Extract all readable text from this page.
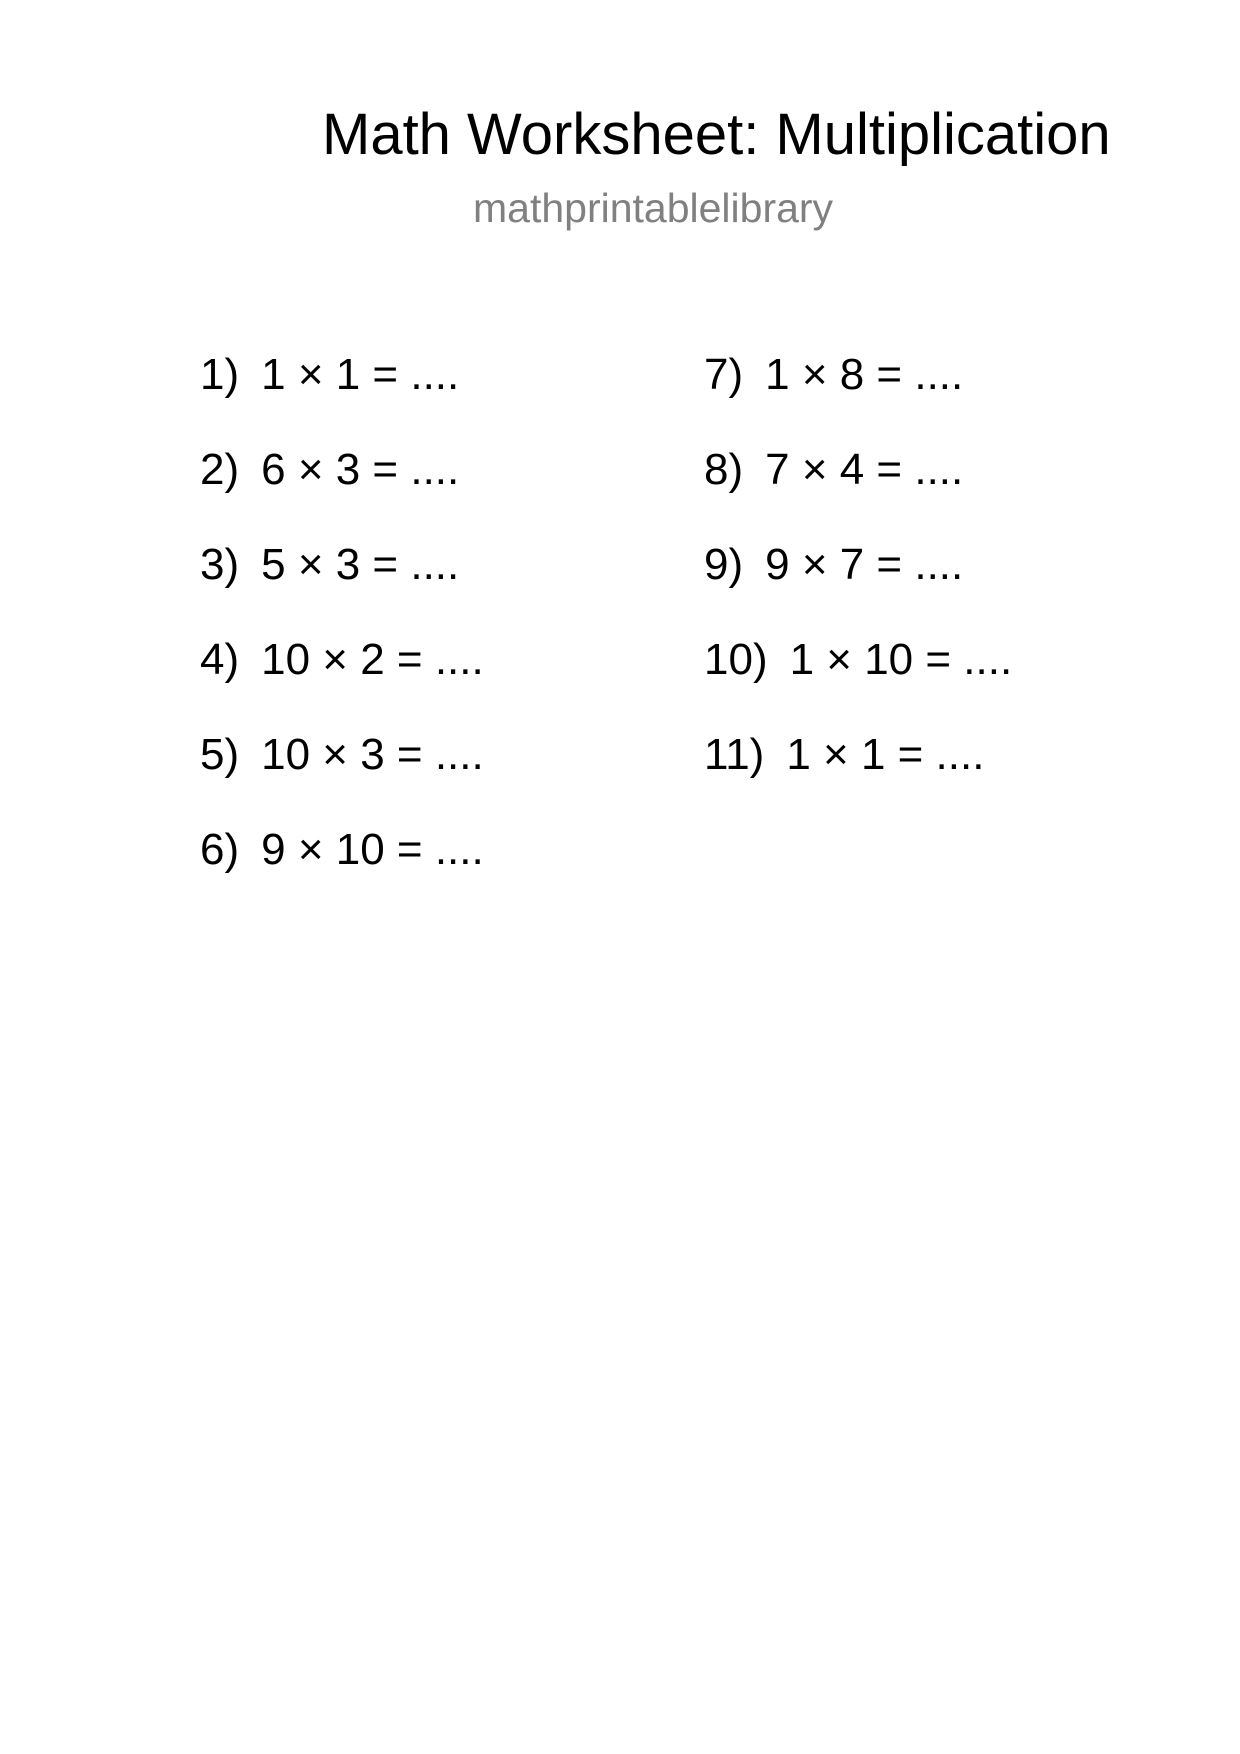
Math Worksheet: Multiplication
mathprintablelibrary
1) 1 × 1 = ....
2) 6 × 3 = ....
3) 5 × 3 = ....
4) 10 × 2 = ....
5) 10 × 3 = ....
6) 9 × 10 = ....
7) 1 × 8 = ....
8) 7 × 4 = ....
9) 9 × 7 = ....
10) 1 × 10 = ....
11) 1 × 1 = ....
